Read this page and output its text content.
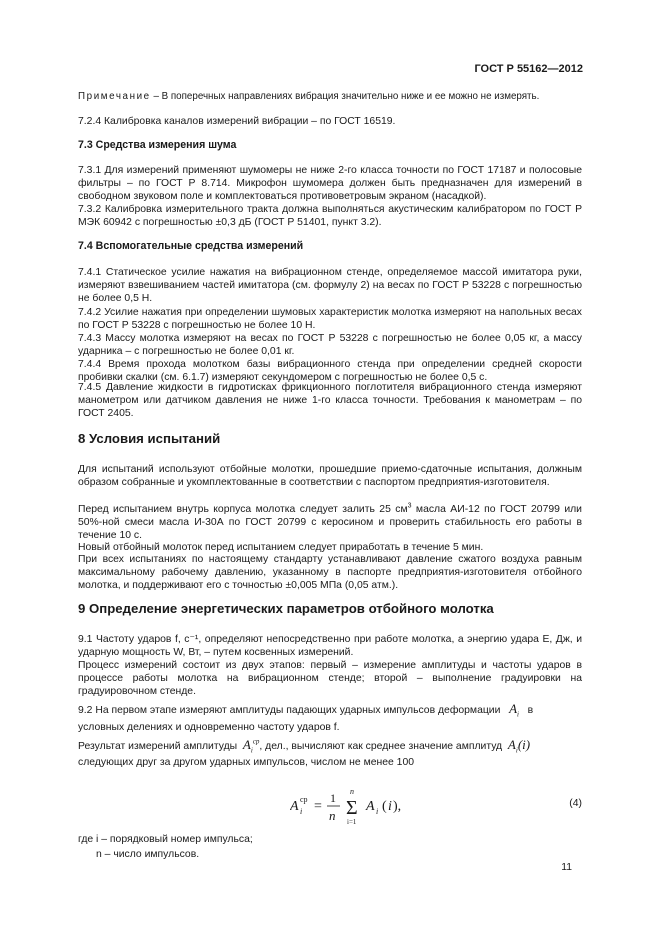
ГОСТ Р 55162—2012
Примечание – В поперечных направлениях вибрация значительно ниже и ее можно не измерять.

7.2.4 Калибровка каналов измерений вибрации – по ГОСТ 16519.

7.3 Средства измерения шума

7.3.1 Для измерений применяют шумомеры не ниже 2-го класса точности по ГОСТ 17187 и полосовые фильтры – по ГОСТ Р 8.714. Микрофон шумомера должен быть предназначен для измерений в свободном звуковом поле и комплектоваться противоветровым экраном (насадкой).

7.3.2 Калибровка измерительного тракта должна выполняться акустическим калибратором по ГОСТ Р МЭК 60942 с погрешностью ±0,3 дБ (ГОСТ Р 51401, пункт 3.2).

7.4 Вспомогательные средства измерений

7.4.1 Статическое усилие нажатия на вибрационном стенде, определяемое массой имитатора руки, измеряют взвешиванием частей имитатора (см. формулу 2) на весах по ГОСТ Р 53228 с погрешностью не более 0,5 Н.

7.4.2 Усилие нажатия при определении шумовых характеристик молотка измеряют на напольных весах по ГОСТ Р 53228 с погрешностью не более 10 Н.

7.4.3 Массу молотка измеряют на весах по ГОСТ Р 53228 с погрешностью не более 0,05 кг, а массу ударника – с погрешностью не более 0,01 кг.

7.4.4 Время прохода молотком базы вибрационного стенда при определении средней скорости пробивки скалки (см. 6.1.7) измеряют секундомером с погрешностью не более 0,5 с.

7.4.5 Давление жидкости в гидротисках фрикционного поглотителя вибрационного стенда измеряют манометром или датчиком давления не ниже 1-го класса точности. Требования к манометрам – по ГОСТ 2405.

8 Условия испытаний

Для испытаний используют отбойные молотки, прошедшие приемо-сдаточные испытания, должным образом собранные и укомплектованные в соответствии с паспортом предприятия-изготовителя.

Перед испытанием внутрь корпуса молотка следует залить 25 $см^3$ масла АИ-12 по ГОСТ 20799 или 50%-ной смеси масла И-30А по ГОСТ 20799 с керосином и проверить стабильность его работы в течение 10 с.

Новый отбойный молоток перед испытанием следует приработать в течение 5 мин.

При всех испытаниях по настоящему стандарту устанавливают давление сжатого воздуха равным максимальному рабочему давлению, указанному в паспорте предприятия-изготовителя отбойного молотка, и поддерживают его с точностью ±0,005 МПа (0,05 атм.).

9 Определение энергетических параметров отбойного молотка

9.1 Частоту ударов f, с⁻¹, определяют непосредственно при работе молотка, а энергию удара E, Дж, и ударную мощность W, Вт, – путем косвенных измерений.

Процесс измерений состоит из двух этапов: первый – измерение амплитуды и частоты ударов в процессе работы молотка на вибрационном стенде; второй – выполнение градуировки на градуировочном стенде.

9.2 На первом этапе измеряют амплитуды падающих ударных импульсов деформации $A_i$ в

условных делениях и одновременно частоту ударов f.

Результат измерений амплитуды $A_i^{ср}$, дел., вычисляют как среднее значение амплитуд $A_i(i)$

следующих друг за другом ударных импульсов, числом не менее 100

A ср
i =
1
n Σ
n
i=1
A i ( i ),	(4)

где i – порядковый номер импульса;

n – число импульсов.

11
